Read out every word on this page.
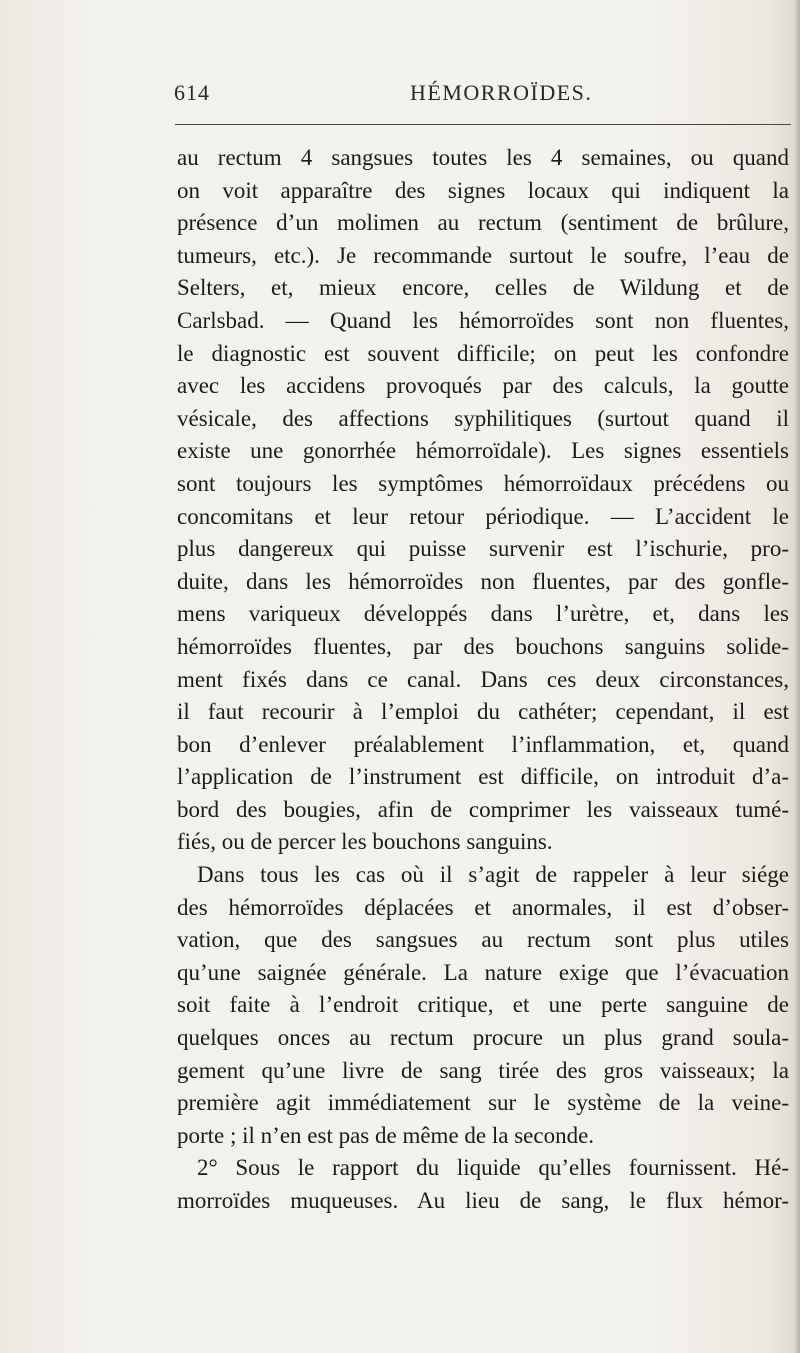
614	HÉMORROÏDES.
au rectum 4 sangsues toutes les 4 semaines, ou quand
on voit apparaître des signes locaux qui indiquent la
présence d’un molimen au rectum (sentiment de brûlure,
tumeurs, etc.). Je recommande surtout le soufre, l’eau de
Selters, et, mieux encore, celles de Wildung et de
Carlsbad. — Quand les hémorroïdes sont non fluentes,
le diagnostic est souvent difficile; on peut les confondre
avec les accidens provoqués par des calculs, la goutte
vésicale, des affections syphilitiques (surtout quand il
existe une gonorrhée hémorroïdale). Les signes essentiels
sont toujours les symptômes hémorroïdaux précédens ou
concomitans et leur retour périodique. — L’accident le
plus dangereux qui puisse survenir est l’ischurie, pro-
duite, dans les hémorroïdes non fluentes, par des gonfle-
mens variqueux développés dans l’urètre, et, dans les
hémorroïdes fluentes, par des bouchons sanguins solide-
ment fixés dans ce canal. Dans ces deux circonstances,
il faut recourir à l’emploi du cathéter; cependant, il est
bon d’enlever préalablement l’inflammation, et, quand
l’application de l’instrument est difficile, on introduit d’a-
bord des bougies, afin de comprimer les vaisseaux tumé-
fiés, ou de percer les bouchons sanguins.
Dans tous les cas où il s’agit de rappeler à leur siége
des hémorroïdes déplacées et anormales, il est d’obser-
vation, que des sangsues au rectum sont plus utiles
qu’une saignée générale. La nature exige que l’évacuation
soit faite à l’endroit critique, et une perte sanguine de
quelques onces au rectum procure un plus grand soula-
gement qu’une livre de sang tirée des gros vaisseaux; la
première agit immédiatement sur le système de la veine-
porte ; il n’en est pas de même de la seconde.
2° Sous le rapport du liquide qu’elles fournissent. Hé-
morroïdes muqueuses. Au lieu de sang, le flux hémor-
